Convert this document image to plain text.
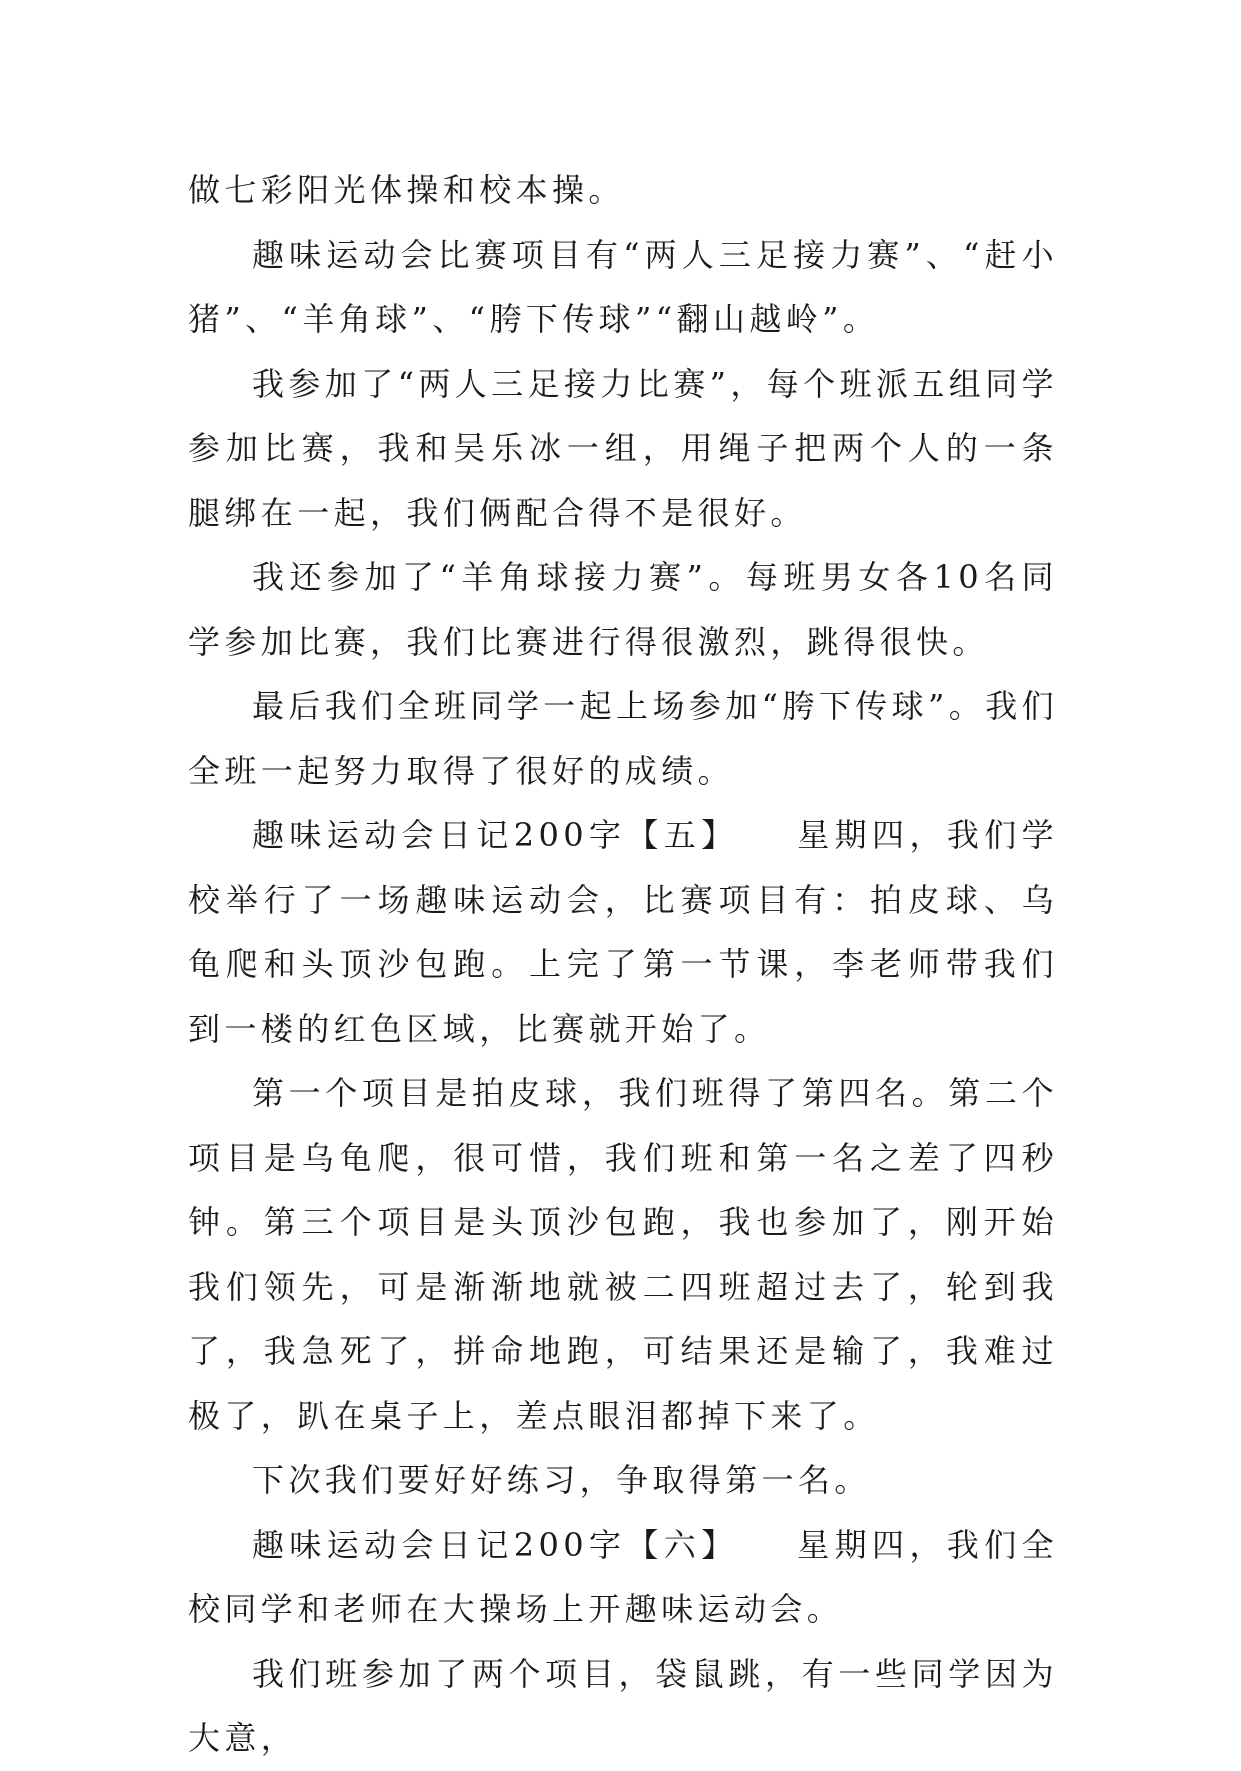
做七彩阳光体操和校本操。

趣味运动会比赛项目有“两人三足接力赛”、“赶小猪”、“羊角球”、“胯下传球”“翻山越岭”。

我参加了“两人三足接力比赛”，每个班派五组同学参加比赛，我和吴乐冰一组，用绳子把两个人的一条腿绑在一起，我们俩配合得不是很好。

我还参加了“羊角球接力赛”。每班男女各10名同学参加比赛，我们比赛进行得很激烈，跳得很快。

最后我们全班同学一起上场参加“胯下传球”。我们全班一起努力取得了很好的成绩。

趣味运动会日记200字【五】　　星期四，我们学校举行了一场趣味运动会，比赛项目有：拍皮球、乌龟爬和头顶沙包跑。上完了第一节课，李老师带我们到一楼的红色区域，比赛就开始了。

第一个项目是拍皮球，我们班得了第四名。第二个项目是乌龟爬，很可惜，我们班和第一名之差了四秒钟。第三个项目是头顶沙包跑，我也参加了，刚开始我们领先，可是渐渐地就被二四班超过去了，轮到我了，我急死了，拼命地跑，可结果还是输了，我难过极了，趴在桌子上，差点眼泪都掉下来了。

下次我们要好好练习，争取得第一名。

趣味运动会日记200字【六】　　星期四，我们全校同学和老师在大操场上开趣味运动会。

我们班参加了两个项目，袋鼠跳，有一些同学因为大意，
